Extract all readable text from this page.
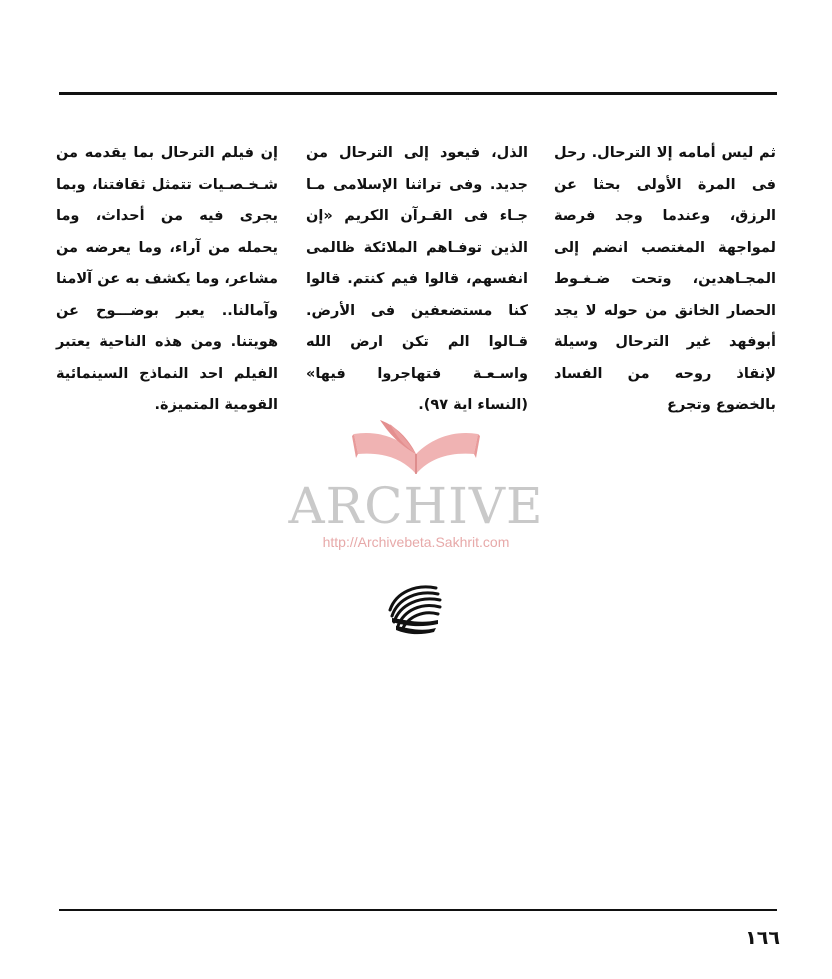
ثم ليس أمامه إلا الترحال. رحل فى المرة الأولى بحثا عن الرزق، وعندما وجد فرصة لمواجهة المغتصب انضم إلى المجـاهدين، وتحت ضـغـوط الحصار الخانق من حوله لا يجد أبوفهد غير الترحال وسيلة لإنقاذ روحه من الفساد بالخضوع وتجرع

الذل، فيعود إلى الترحال من جديد. وفى تراثنا الإسلامى مـا جـاء فى القـرآن الكريم «إن الذين توفـاهم الملائكة ظالمى انفسهم، قالوا فيم كنتم. قالوا كنا مستضعفين فى الأرض. قـالوا الم تكن ارض الله واسـعـة فتهاجروا فيها» (النساء اية ٩٧).

إن فيلم الترحال بما يقدمه من شـخـصـيات تتمثل ثقافتنا، وبما يجرى فيه من أحداث، وما يحمله من آراء، وما يعرضه من مشاعر، وما يكشف به عن آلامنا وآمالنا.. يعبر بوضـــوح عن هويتنا. ومن هذه الناحية يعتبر الفيلم احد النماذج السينمائية القومية المتميزة.

ARCHIVE
http://Archivebeta.Sakhrit.com
١٦٦
